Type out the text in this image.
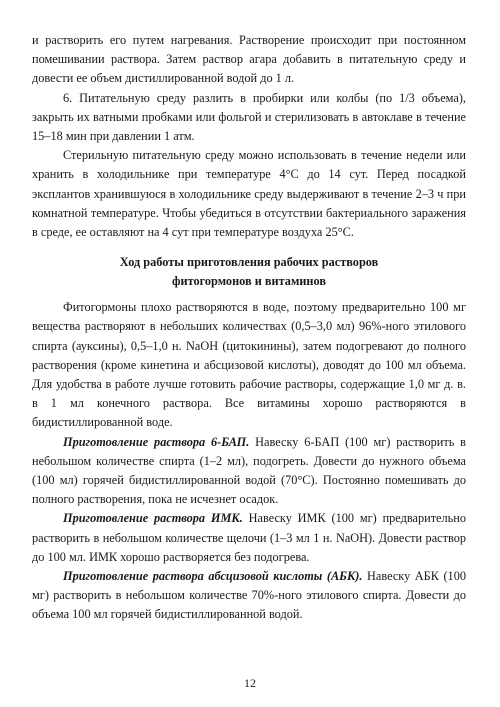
и растворить его путем нагревания. Растворение происходит при постоянном помешивании раствора. Затем раствор агара добавить в питательную среду и довести ее объем дистиллированной водой до 1 л.

6. Питательную среду разлить в пробирки или колбы (по 1/3 объема), закрыть их ватными пробками или фольгой и стерилизовать в автоклаве в течение 15–18 мин при давлении 1 атм.

Стерильную питательную среду можно использовать в течение недели или хранить в холодильнике при температуре 4°С до 14 сут. Перед посадкой эксплантов хранившуюся в холодильнике среду выдерживают в течение 2–3 ч при комнатной температуре. Чтобы убедиться в отсутствии бактериального заражения в среде, ее оставляют на 4 сут при температуре воздуха 25°С.

Ход работы приготовления рабочих растворов
фитогормонов и витаминов

Фитогормоны плохо растворяются в воде, поэтому предварительно 100 мг вещества растворяют в небольших количествах (0,5–3,0 мл) 96%-ного этилового спирта (ауксины), 0,5–1,0 н. NaOH (цитокинины), затем подогревают до полного растворения (кроме кинетина и абсцизовой кислоты), доводят до 100 мл объема. Для удобства в работе лучше готовить рабочие растворы, содержащие 1,0 мг д. в. в 1 мл конечного раствора. Все витамины хорошо растворяются в бидистиллированной воде.

Приготовление раствора 6-БАП. Навеску 6-БАП (100 мг) растворить в небольшом количестве спирта (1–2 мл), подогреть. Довести до нужного объема (100 мл) горячей бидистиллированной водой (70°С). Постоянно помешивать до полного растворения, пока не исчезнет осадок.

Приготовление раствора ИМК. Навеску ИМК (100 мг) предварительно растворить в небольшом количестве щелочи (1–3 мл 1 н. NaOH). Довести раствор до 100 мл. ИМК хорошо растворяется без подогрева.

Приготовление раствора абсцизовой кислоты (АБК). Навеску АБК (100 мг) растворить в небольшом количестве 70%-ного этилового спирта. Довести до объема 100 мл горячей бидистиллированной водой.

12
